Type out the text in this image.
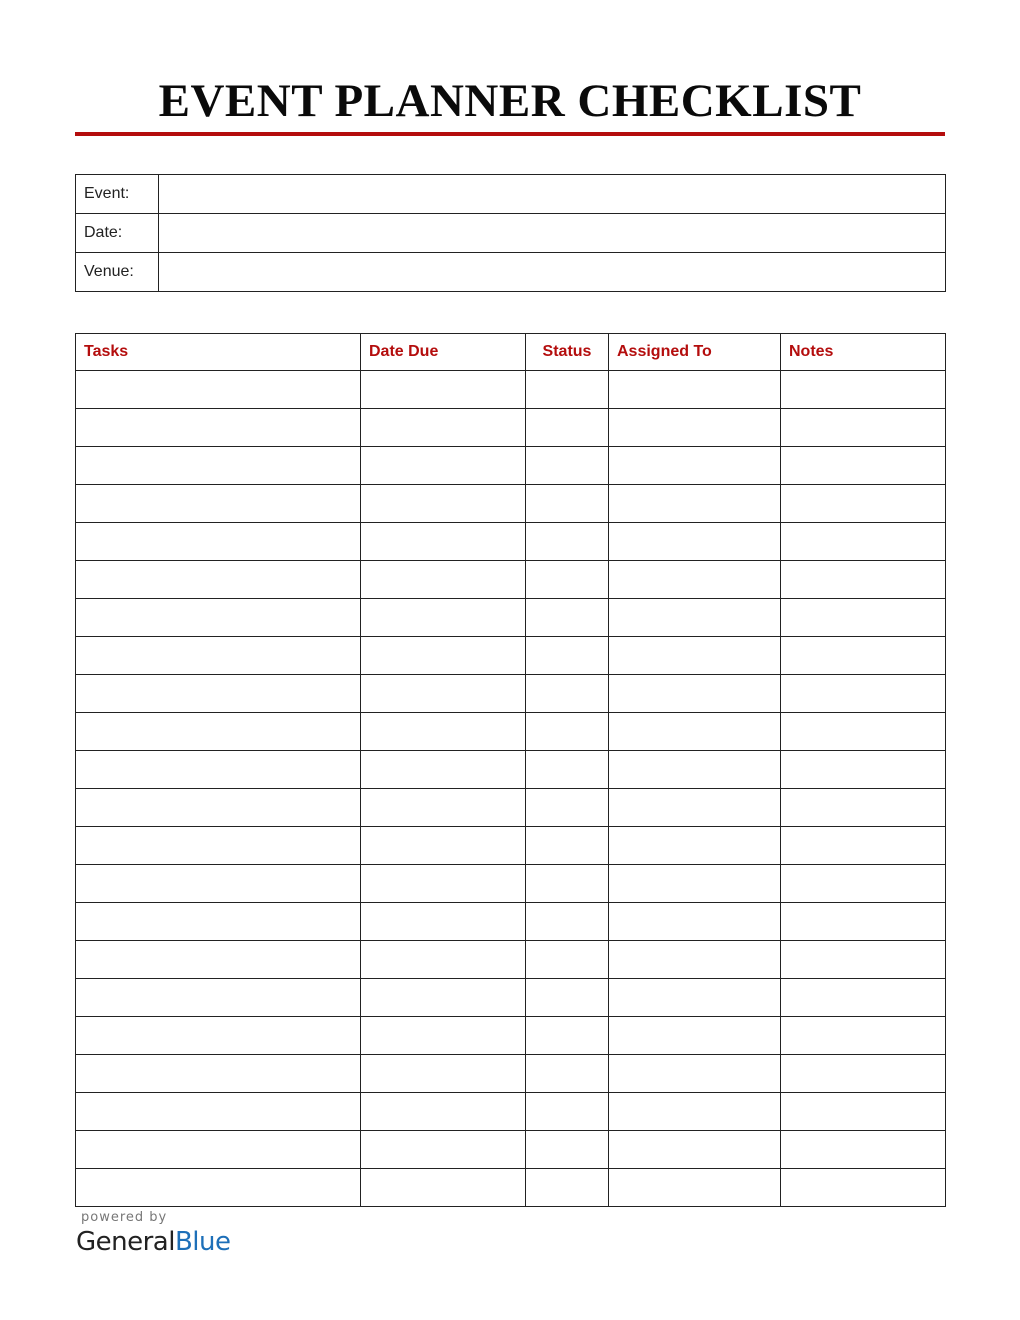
EVENT PLANNER CHECKLIST
Event:	
Date:	
Venue:	
Tasks	Date Due	Status	Assigned To	Notes

powered by
GeneralBlue
